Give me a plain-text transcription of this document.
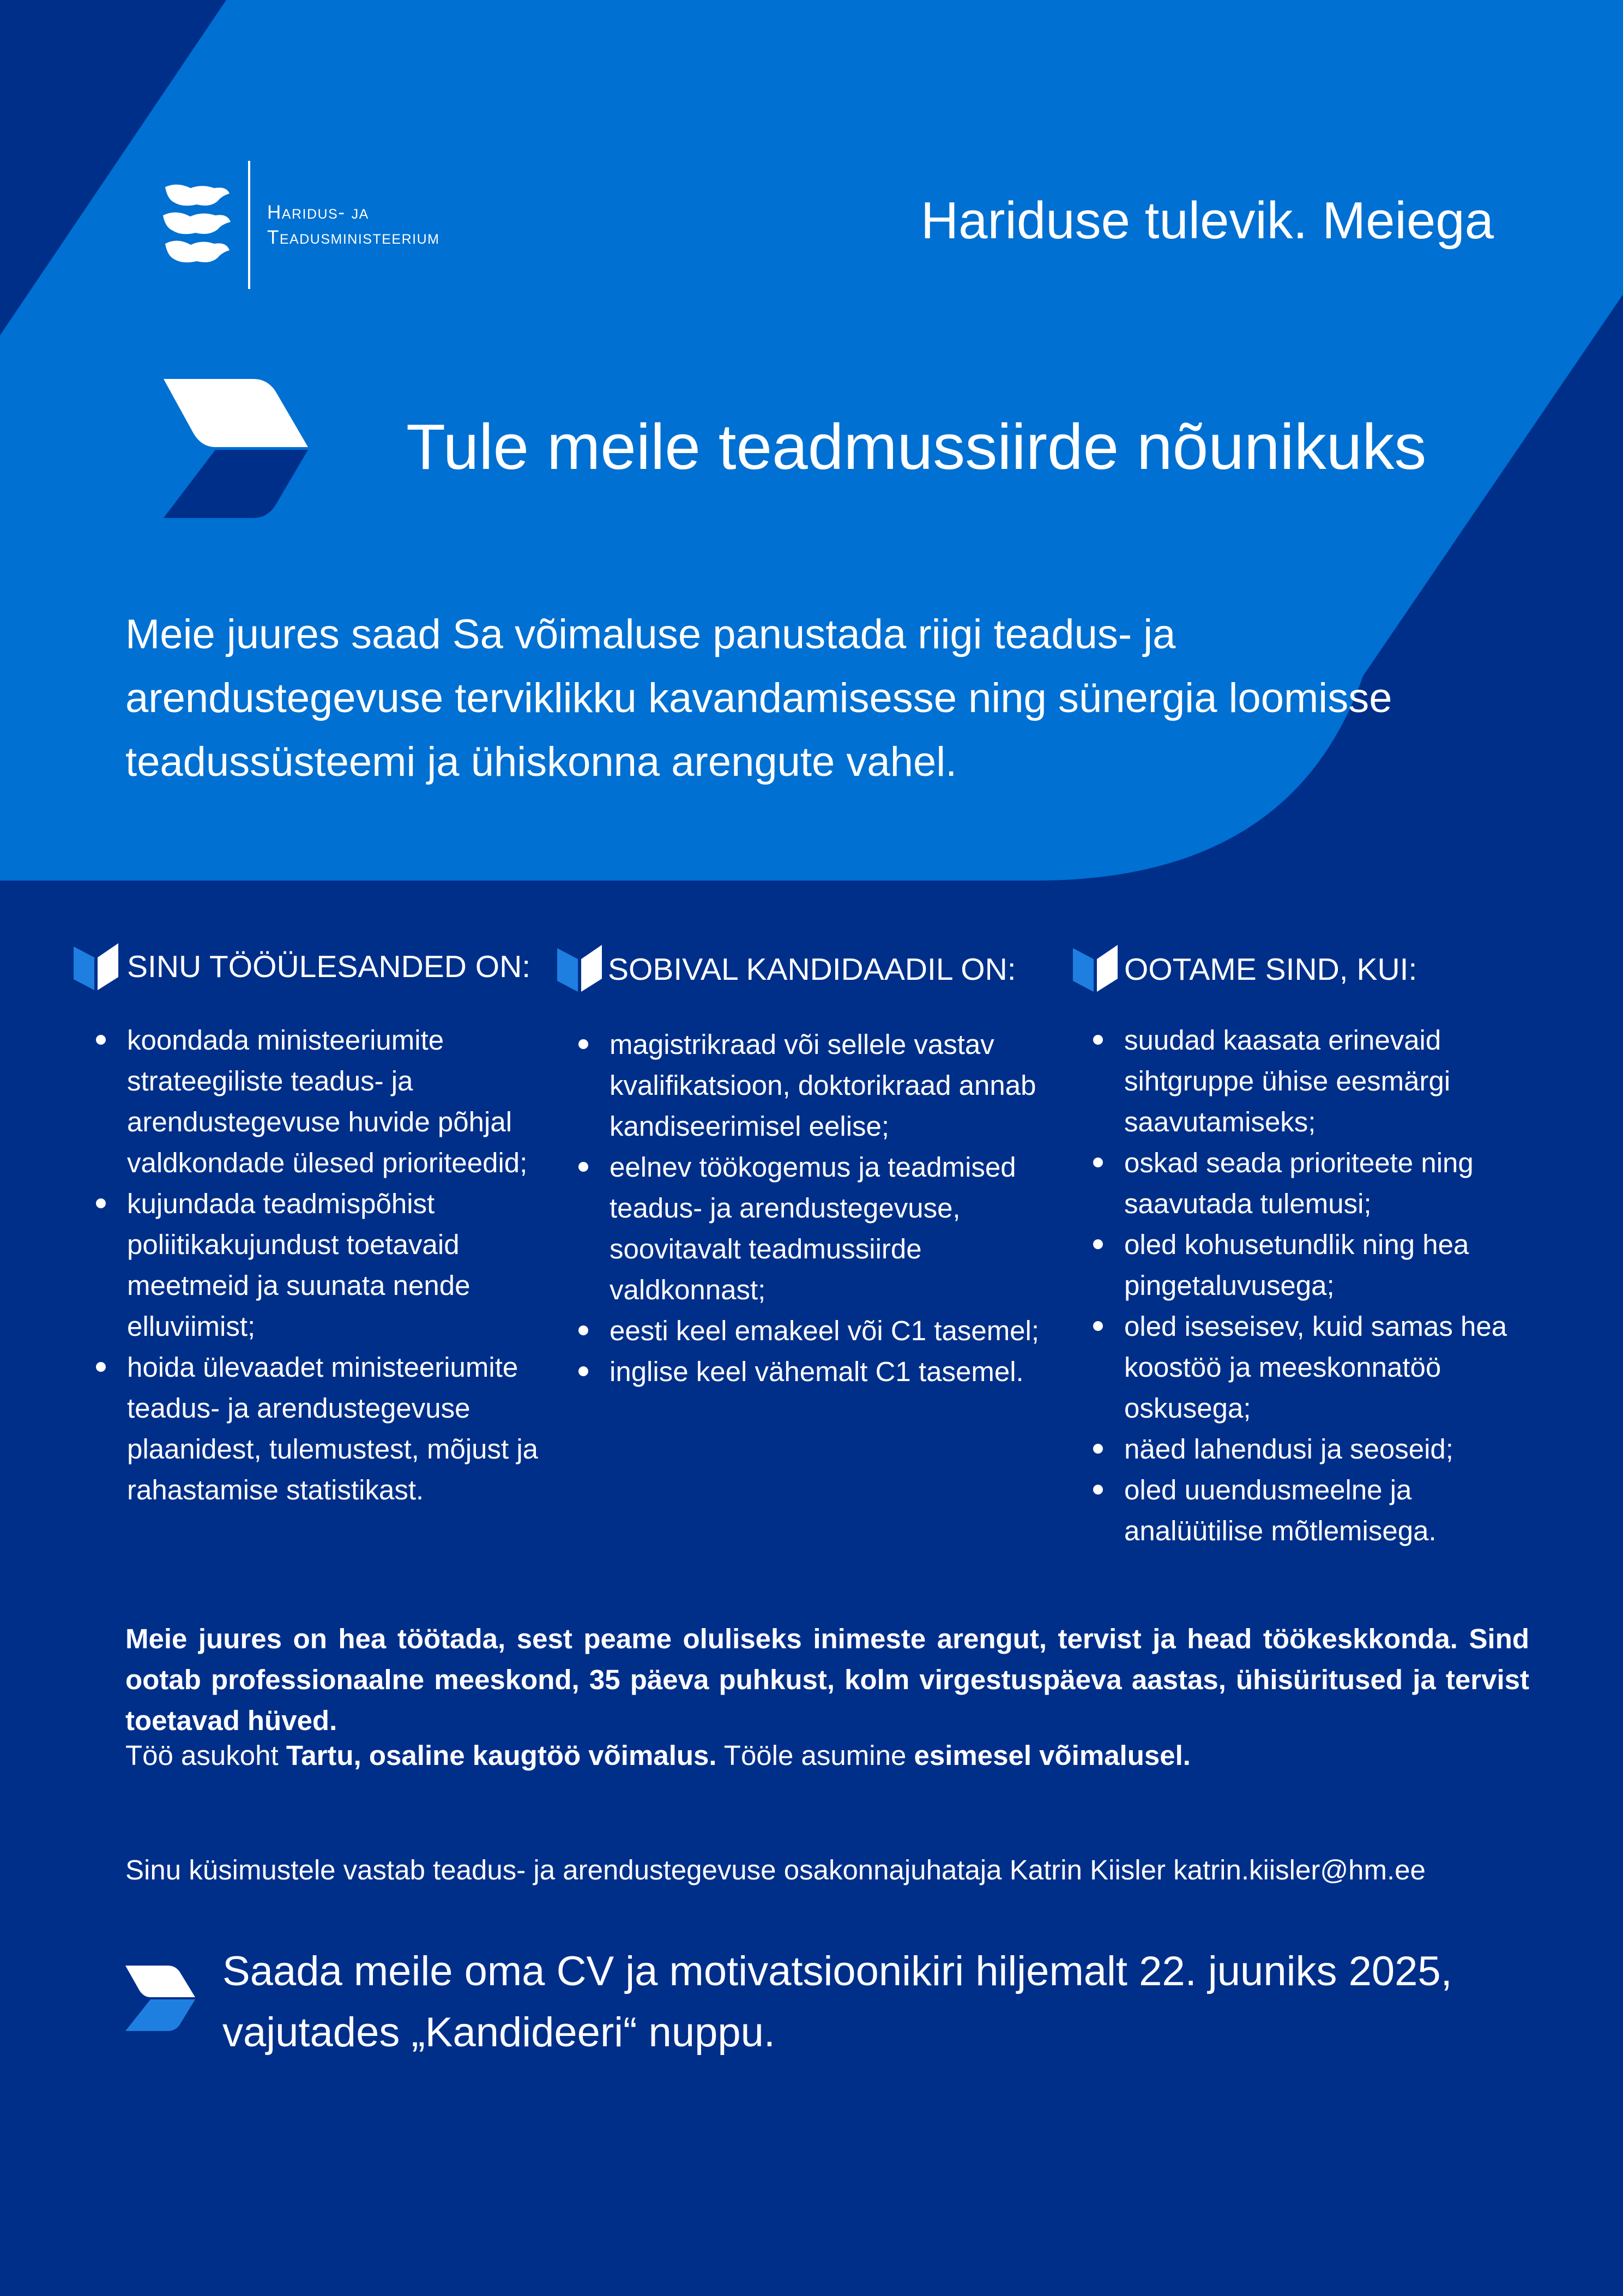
Haridus- ja
Teadusministeerium	Hariduse tulevik. Meiega
Tule meile teadmussiirde nõunikuks
Meie juures saad Sa võimaluse panustada riigi teadus- ja arendustegevuse terviklikku kavandamisesse ning sünergia loomisse teadussüsteemi ja ühiskonna arengute vahel.
SINU TÖÖÜLESANDED ON:
koondada ministeeriumite strateegiliste teadus- ja arendustegevuse huvide põhjal valdkondade ülesed prioriteedid;
kujundada teadmispõhist poliitikakujundust toetavaid meetmeid ja suunata nende elluviimist;
hoida ülevaadet ministeeriumite teadus- ja arendustegevuse plaanidest, tulemustest, mõjust ja rahastamise statistikast.
SOBIVAL KANDIDAADIL ON:
magistrikraad või sellele vastav kvalifikatsioon, doktorikraad annab kandiseerimisel eelise;
eelnev töökogemus ja teadmised teadus- ja arendustegevuse, soovitavalt teadmussiirde valdkonnast;
eesti keel emakeel või C1 tasemel;
inglise keel vähemalt C1 tasemel.
OOTAME SIND, KUI:
suudad kaasata erinevaid sihtgruppe ühise eesmärgi saavutamiseks;
oskad seada prioriteete ning saavutada tulemusi;
oled kohusetundlik ning hea pingetaluvusega;
oled iseseisev, kuid samas hea koostöö ja meeskonnatöö oskusega;
näed lahendusi ja seoseid;
oled uuendusmeelne ja analüütilise mõtlemisega.
Meie juures on hea töötada, sest peame oluliseks inimeste arengut, tervist ja head töökeskkonda. Sind ootab professionaalne meeskond, 35 päeva puhkust, kolm virgestuspäeva aastas, ühisüritused ja tervist toetavad hüved.
Töö asukoht Tartu, osaline kaugtöö võimalus. Tööle asumine esimesel võimalusel.
Sinu küsimustele vastab teadus- ja arendustegevuse osakonnajuhataja Katrin Kiisler katrin.kiisler@hm.ee
Saada meile oma CV ja motivatsioonikiri hiljemalt 22. juuniks 2025, vajutades „Kandideeri“ nuppu.
